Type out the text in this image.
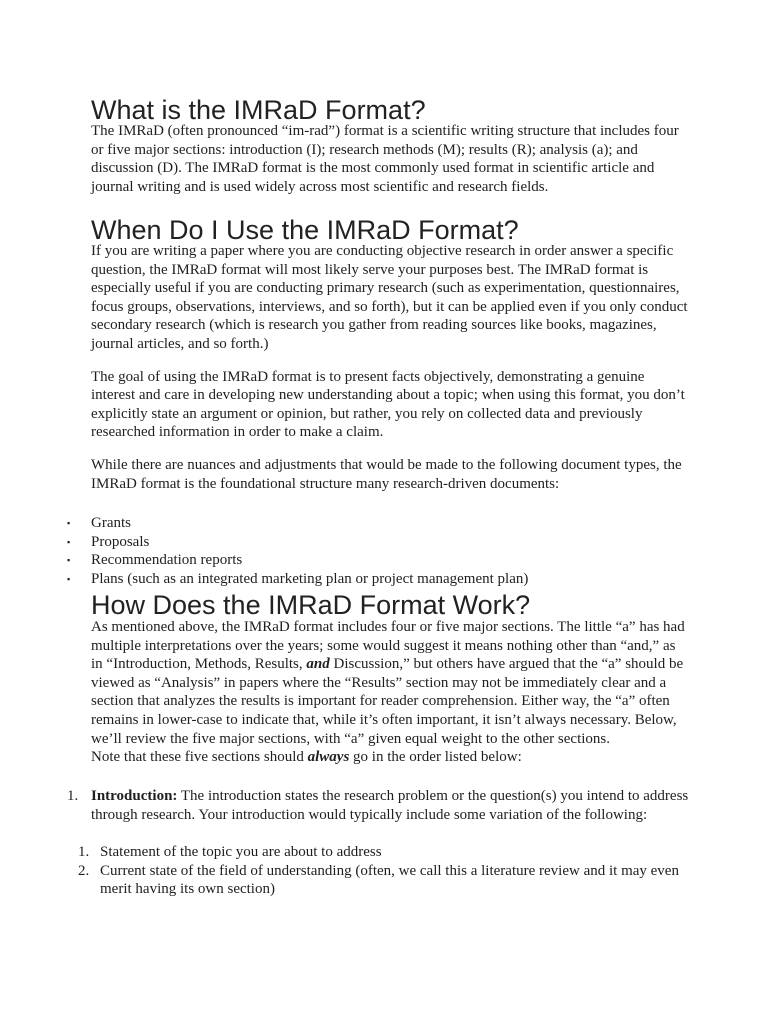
What is the IMRaD Format?

The IMRaD (often pronounced “im-rad”) format is a scientific writing structure that includes four or five major sections: introduction (I); research methods (M); results (R); analysis (a); and discussion (D). The IMRaD format is the most commonly used format in scientific article and journal writing and is used widely across most scientific and research fields.

When Do I Use the IMRaD Format?

If you are writing a paper where you are conducting objective research in order answer a specific question, the IMRaD format will most likely serve your purposes best. The IMRaD format is especially useful if you are conducting primary research (such as experimentation, questionnaires, focus groups, observations, interviews, and so forth), but it can be applied even if you only conduct secondary research (which is research you gather from reading sources like books, magazines, journal articles, and so forth.)

The goal of using the IMRaD format is to present facts objectively, demonstrating a genuine interest and care in developing new understanding about a topic; when using this format, you don’t explicitly state an argument or opinion, but rather, you rely on collected data and previously researched information in order to make a claim.

While there are nuances and adjustments that would be made to the following document types, the IMRaD format is the foundational structure many research-driven documents:

▪ Grants
▪ Proposals
▪ Recommendation reports
▪ Plans (such as an integrated marketing plan or project management plan)
How Does the IMRaD Format Work?

As mentioned above, the IMRaD format includes four or five major sections. The little “a” has had multiple interpretations over the years; some would suggest it means nothing other than “and,” as in “Introduction, Methods, Results, and Discussion,” but others have argued that the “a” should be viewed as “Analysis” in papers where the “Results” section may not be immediately clear and a section that analyzes the results is important for reader comprehension. Either way, the “a” often remains in lower-case to indicate that, while it’s often important, it isn’t always necessary. Below, we’ll review the five major sections, with “a” given equal weight to the other sections.

Note that these five sections should always go in the order listed below:

1. Introduction: The introduction states the research problem or the question(s) you intend to address through research. Your introduction would typically include some variation of the following:
1. Statement of the topic you are about to address
2. Current state of the field of understanding (often, we call this a literature review and it may even merit having its own section)
